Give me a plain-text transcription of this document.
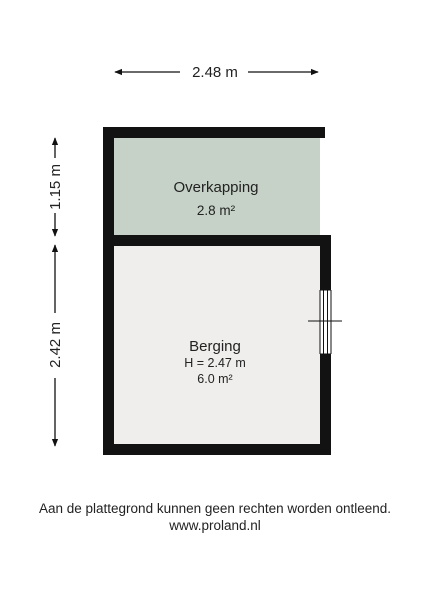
2.48 m
1.15 m
2.42 m
Overkapping
2.8 m²
Berging
H = 2.47 m
6.0 m²
Aan de plattegrond kunnen geen rechten worden ontleend.
www.proland.nl
